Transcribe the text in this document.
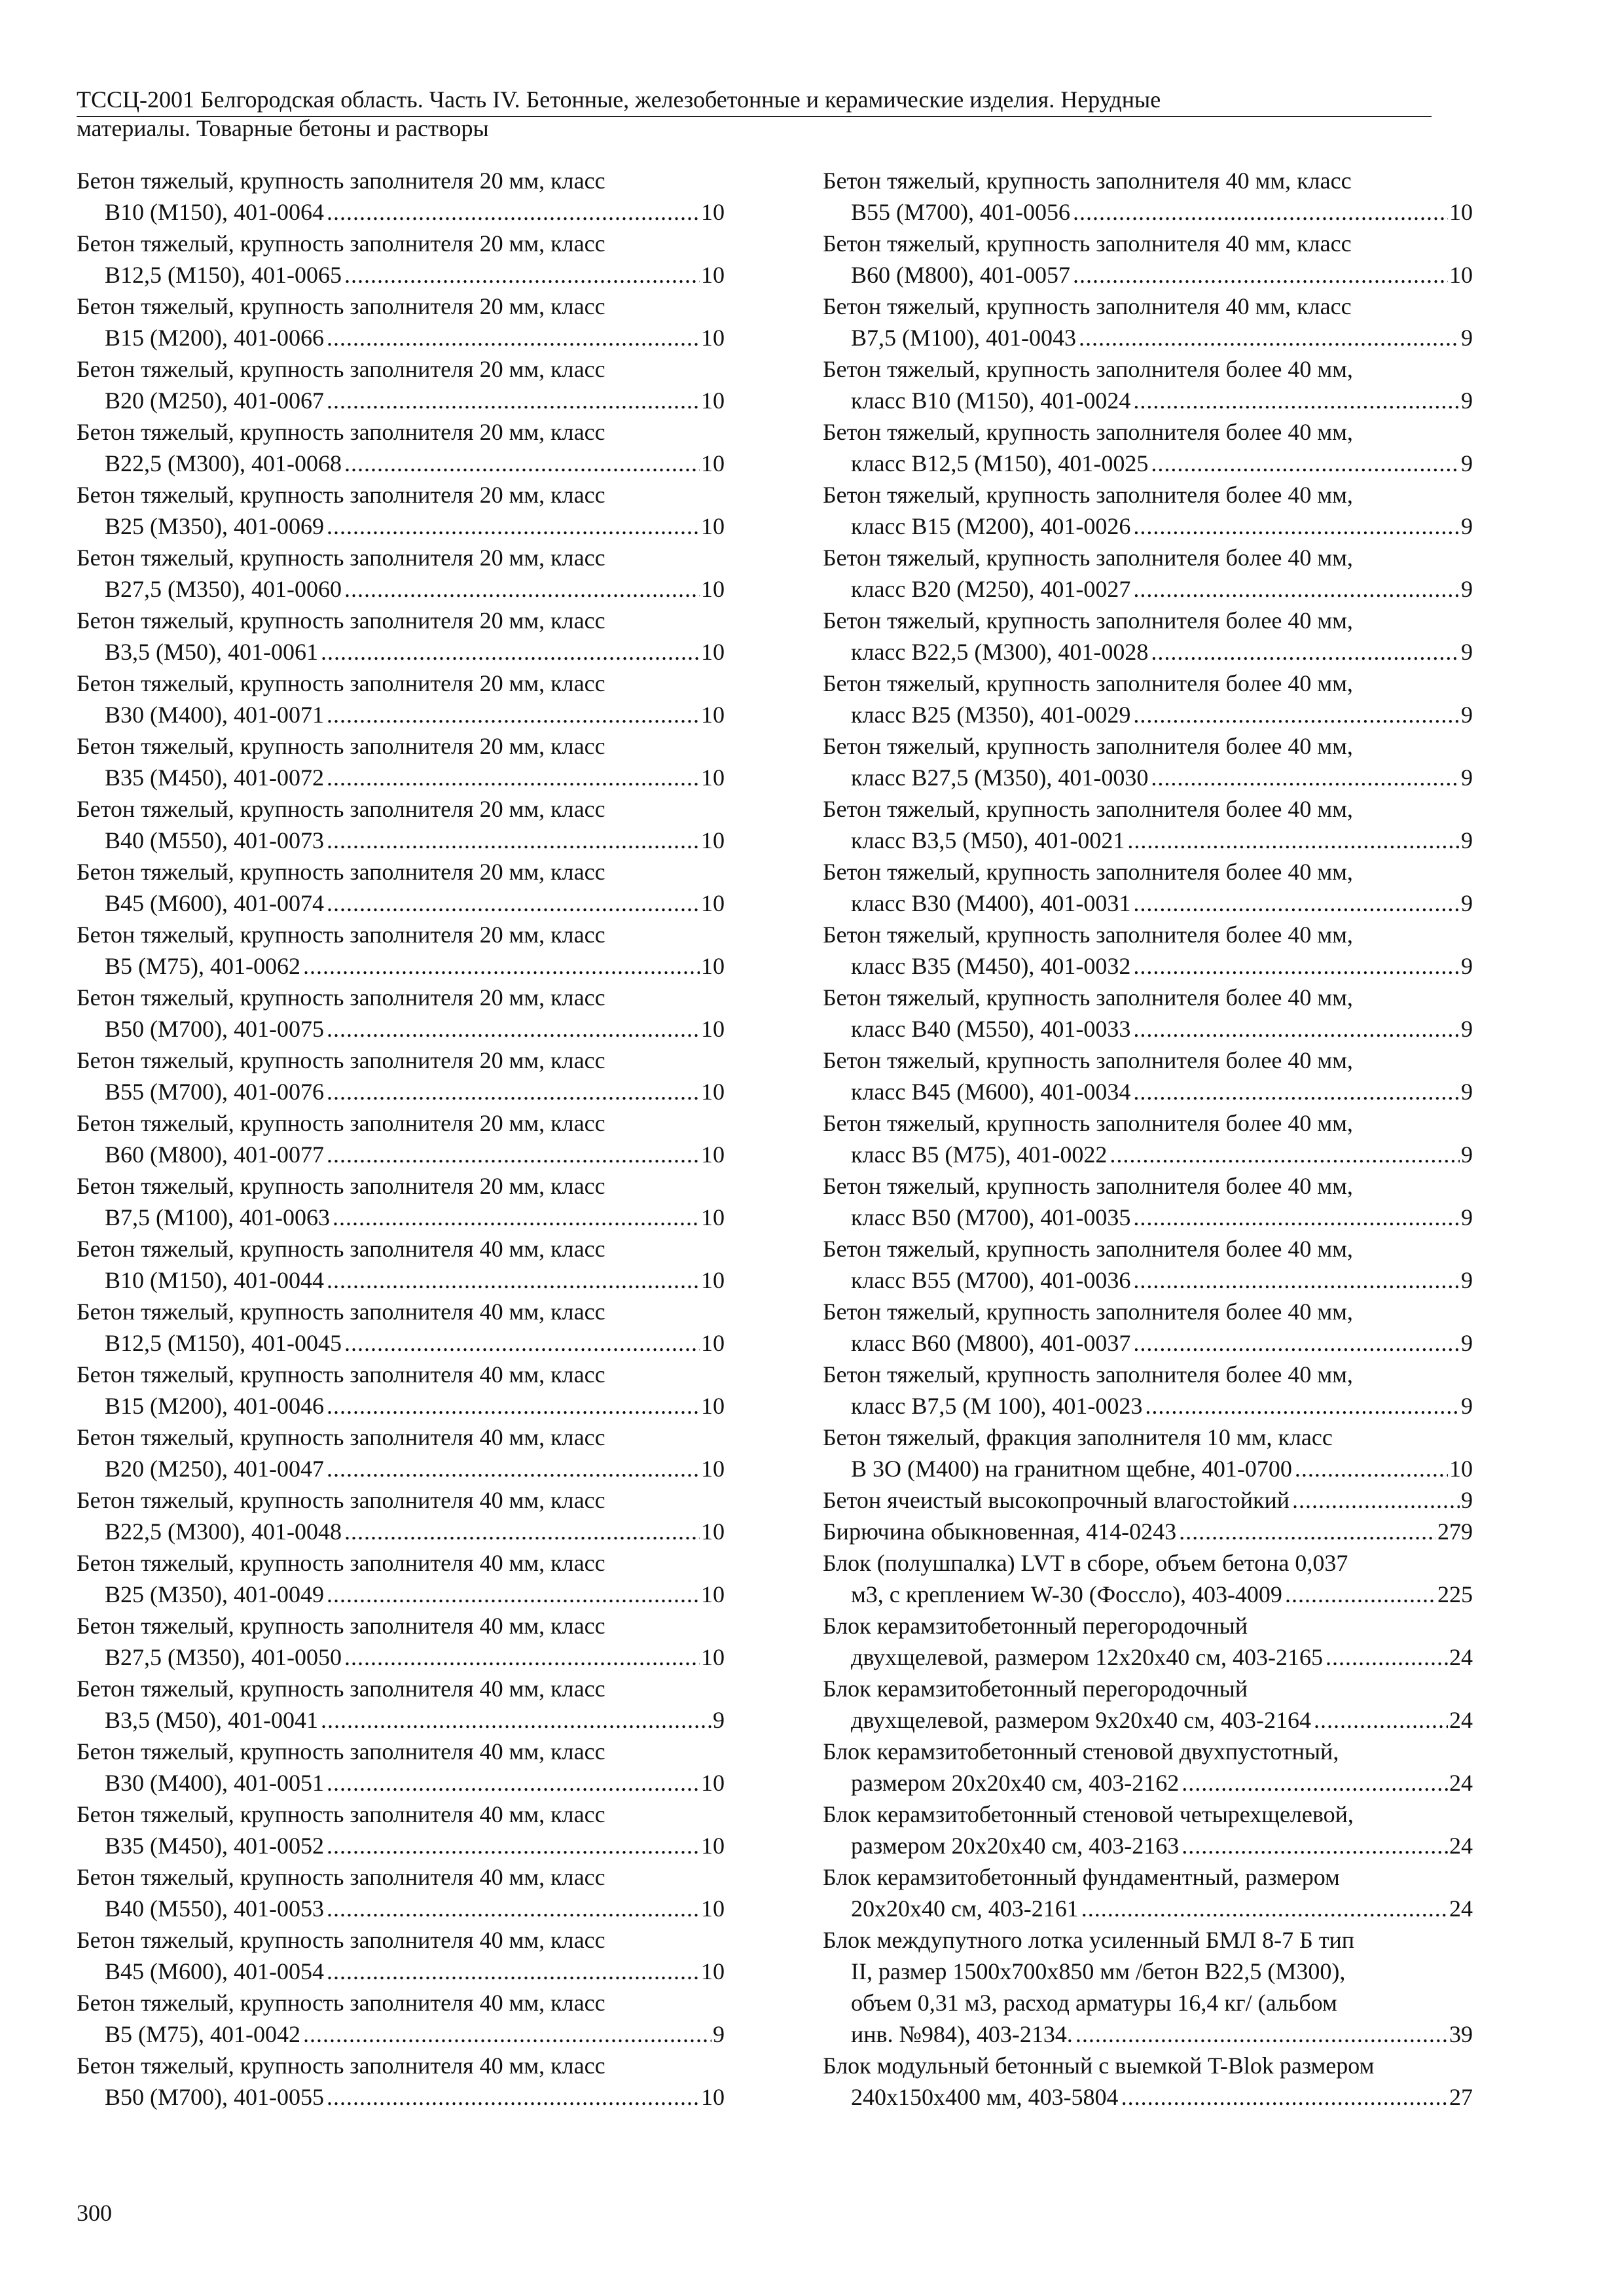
ТССЦ-2001 Белгородская область. Часть IV. Бетонные, железобетонные и керамические изделия. Нерудные
материалы. Товарные бетоны и растворы
Бетон тяжелый, крупность заполнителя 20 мм, класс
В10 (М150), 401-0064 .....	10
Бетон тяжелый, крупность заполнителя 20 мм, класс
В12,5 (М150), 401-0065 .....	10
Бетон тяжелый, крупность заполнителя 20 мм, класс
В15 (М200), 401-0066 .....	10
Бетон тяжелый, крупность заполнителя 20 мм, класс
В20 (М250), 401-0067 .....	10
Бетон тяжелый, крупность заполнителя 20 мм, класс
В22,5 (М300), 401-0068 .....	10
Бетон тяжелый, крупность заполнителя 20 мм, класс
В25 (М350), 401-0069 .....	10
Бетон тяжелый, крупность заполнителя 20 мм, класс
В27,5 (М350), 401-0060 .....	10
Бетон тяжелый, крупность заполнителя 20 мм, класс
В3,5 (М50), 401-0061 .....	10
Бетон тяжелый, крупность заполнителя 20 мм, класс
В30 (М400), 401-0071 .....	10
Бетон тяжелый, крупность заполнителя 20 мм, класс
В35 (М450), 401-0072 .....	10
Бетон тяжелый, крупность заполнителя 20 мм, класс
В40 (М550), 401-0073 .....	10
Бетон тяжелый, крупность заполнителя 20 мм, класс
В45 (М600), 401-0074 .....	10
Бетон тяжелый, крупность заполнителя 20 мм, класс
В5 (М75), 401-0062 .....	10
Бетон тяжелый, крупность заполнителя 20 мм, класс
В50 (М700), 401-0075 .....	10
Бетон тяжелый, крупность заполнителя 20 мм, класс
В55 (М700), 401-0076 .....	10
Бетон тяжелый, крупность заполнителя 20 мм, класс
В60 (М800), 401-0077 .....	10
Бетон тяжелый, крупность заполнителя 20 мм, класс
В7,5 (М100), 401-0063 .....	10
Бетон тяжелый, крупность заполнителя 40 мм, класс
В10 (М150), 401-0044 .....	10
Бетон тяжелый, крупность заполнителя 40 мм, класс
В12,5 (М150), 401-0045 .....	10
Бетон тяжелый, крупность заполнителя 40 мм, класс
В15 (М200), 401-0046 .....	10
Бетон тяжелый, крупность заполнителя 40 мм, класс
В20 (М250), 401-0047 .....	10
Бетон тяжелый, крупность заполнителя 40 мм, класс
В22,5 (М300), 401-0048 .....	10
Бетон тяжелый, крупность заполнителя 40 мм, класс
В25 (М350), 401-0049 .....	10
Бетон тяжелый, крупность заполнителя 40 мм, класс
В27,5 (М350), 401-0050 .....	10
Бетон тяжелый, крупность заполнителя 40 мм, класс
В3,5 (М50), 401-0041 .....	9
Бетон тяжелый, крупность заполнителя 40 мм, класс
В30 (М400), 401-0051 .....	10
Бетон тяжелый, крупность заполнителя 40 мм, класс
В35 (М450), 401-0052 .....	10
Бетон тяжелый, крупность заполнителя 40 мм, класс
В40 (М550), 401-0053 .....	10
Бетон тяжелый, крупность заполнителя 40 мм, класс
В45 (М600), 401-0054 .....	10
Бетон тяжелый, крупность заполнителя 40 мм, класс
В5 (М75), 401-0042 .....	9
Бетон тяжелый, крупность заполнителя 40 мм, класс
В50 (М700), 401-0055 .....	10
Бетон тяжелый, крупность заполнителя 40 мм, класс
В55 (М700), 401-0056 .....	10
Бетон тяжелый, крупность заполнителя 40 мм, класс
В60 (М800), 401-0057 .....	10
Бетон тяжелый, крупность заполнителя 40 мм, класс
В7,5 (М100), 401-0043 .....	9
Бетон тяжелый, крупность заполнителя более 40 мм,
класс В10 (М150), 401-0024 .....	9
Бетон тяжелый, крупность заполнителя более 40 мм,
класс В12,5 (М150), 401-0025 .....	9
Бетон тяжелый, крупность заполнителя более 40 мм,
класс В15 (М200), 401-0026 .....	9
Бетон тяжелый, крупность заполнителя более 40 мм,
класс В20 (М250), 401-0027 .....	9
Бетон тяжелый, крупность заполнителя более 40 мм,
класс В22,5 (М300), 401-0028 .....	9
Бетон тяжелый, крупность заполнителя более 40 мм,
класс В25 (М350), 401-0029 .....	9
Бетон тяжелый, крупность заполнителя более 40 мм,
класс В27,5 (М350), 401-0030 .....	9
Бетон тяжелый, крупность заполнителя более 40 мм,
класс В3,5 (М50), 401-0021 .....	9
Бетон тяжелый, крупность заполнителя более 40 мм,
класс В30 (М400), 401-0031 .....	9
Бетон тяжелый, крупность заполнителя более 40 мм,
класс В35 (М450), 401-0032 .....	9
Бетон тяжелый, крупность заполнителя более 40 мм,
класс В40 (М550), 401-0033 .....	9
Бетон тяжелый, крупность заполнителя более 40 мм,
класс В45 (М600), 401-0034 .....	9
Бетон тяжелый, крупность заполнителя более 40 мм,
класс В5 (М75), 401-0022 .....	9
Бетон тяжелый, крупность заполнителя более 40 мм,
класс В50 (М700), 401-0035 .....	9
Бетон тяжелый, крупность заполнителя более 40 мм,
класс В55 (М700), 401-0036 .....	9
Бетон тяжелый, крупность заполнителя более 40 мм,
класс В60 (М800), 401-0037 .....	9
Бетон тяжелый, крупность заполнителя более 40 мм,
класс В7,5 (М 100), 401-0023 .....	9
Бетон тяжелый, фракция заполнителя 10 мм, класс
В 3О (М400) на гранитном щебне, 401-0700 .....	10
Бетон ячеистый высокопрочный влагостойкий .....	9
Бирючина обыкновенная, 414-0243 .....	279
Блок (полушпалка) LVT в сборе, объем бетона 0,037
м3, с креплением W-30 (Фоссло), 403-4009 .....	225
Блок керамзитобетонный перегородочный
двухщелевой, размером 12х20х40 см, 403-2165 .....	24
Блок керамзитобетонный перегородочный
двухщелевой, размером 9х20х40 см, 403-2164 .....	24
Блок керамзитобетонный стеновой двухпустотный,
размером 20х20х40 см, 403-2162 .....	24
Блок керамзитобетонный стеновой четырехщелевой,
размером 20х20х40 см, 403-2163 .....	24
Блок керамзитобетонный фундаментный, размером
20х20х40 см, 403-2161 .....	24
Блок междупутного лотка усиленный БМЛ 8-7 Б тип
II, размер 1500х700х850 мм /бетон В22,5 (М300),
объем 0,31 м3, расход арматуры 16,4 кг/ (альбом
инв. №984), 403-2134. .....	39
Блок модульный бетонный с выемкой T-Blok размером
240х150х400 мм, 403-5804 .....	27
300
